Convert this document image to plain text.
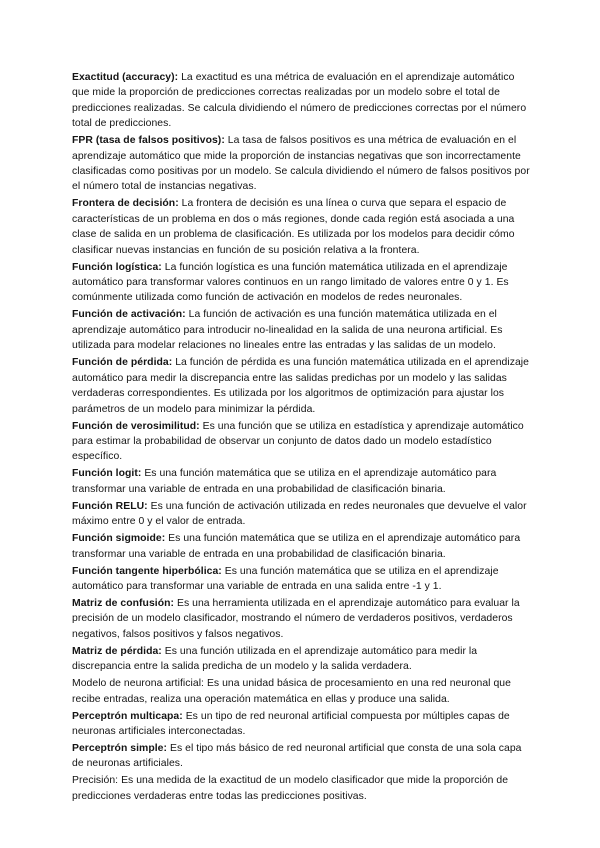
Exactitud (accuracy): La exactitud es una métrica de evaluación en el aprendizaje automático que mide la proporción de predicciones correctas realizadas por un modelo sobre el total de predicciones realizadas. Se calcula dividiendo el número de predicciones correctas por el número total de predicciones.

FPR (tasa de falsos positivos): La tasa de falsos positivos es una métrica de evaluación en el aprendizaje automático que mide la proporción de instancias negativas que son incorrectamente clasificadas como positivas por un modelo. Se calcula dividiendo el número de falsos positivos por el número total de instancias negativas.

Frontera de decisión: La frontera de decisión es una línea o curva que separa el espacio de características de un problema en dos o más regiones, donde cada región está asociada a una clase de salida en un problema de clasificación. Es utilizada por los modelos para decidir cómo clasificar nuevas instancias en función de su posición relativa a la frontera.

Función logística: La función logística es una función matemática utilizada en el aprendizaje automático para transformar valores continuos en un rango limitado de valores entre 0 y 1. Es comúnmente utilizada como función de activación en modelos de redes neuronales.

Función de activación: La función de activación es una función matemática utilizada en el aprendizaje automático para introducir no-linealidad en la salida de una neurona artificial. Es utilizada para modelar relaciones no lineales entre las entradas y las salidas de un modelo.

Función de pérdida: La función de pérdida es una función matemática utilizada en el aprendizaje automático para medir la discrepancia entre las salidas predichas por un modelo y las salidas verdaderas correspondientes. Es utilizada por los algoritmos de optimización para ajustar los parámetros de un modelo para minimizar la pérdida.

Función de verosimilitud: Es una función que se utiliza en estadística y aprendizaje automático para estimar la probabilidad de observar un conjunto de datos dado un modelo estadístico específico.

Función logit: Es una función matemática que se utiliza en el aprendizaje automático para transformar una variable de entrada en una probabilidad de clasificación binaria.

Función RELU: Es una función de activación utilizada en redes neuronales que devuelve el valor máximo entre 0 y el valor de entrada.

Función sigmoide: Es una función matemática que se utiliza en el aprendizaje automático para transformar una variable de entrada en una probabilidad de clasificación binaria.

Función tangente hiperbólica: Es una función matemática que se utiliza en el aprendizaje automático para transformar una variable de entrada en una salida entre -1 y 1.

Matriz de confusión: Es una herramienta utilizada en el aprendizaje automático para evaluar la precisión de un modelo clasificador, mostrando el número de verdaderos positivos, verdaderos negativos, falsos positivos y falsos negativos.

Matriz de pérdida: Es una función utilizada en el aprendizaje automático para medir la discrepancia entre la salida predicha de un modelo y la salida verdadera.

Modelo de neurona artificial: Es una unidad básica de procesamiento en una red neuronal que recibe entradas, realiza una operación matemática en ellas y produce una salida.

Perceptrón multicapa: Es un tipo de red neuronal artificial compuesta por múltiples capas de neuronas artificiales interconectadas.

Perceptrón simple: Es el tipo más básico de red neuronal artificial que consta de una sola capa de neuronas artificiales.

Precisión: Es una medida de la exactitud de un modelo clasificador que mide la proporción de predicciones verdaderas entre todas las predicciones positivas.
